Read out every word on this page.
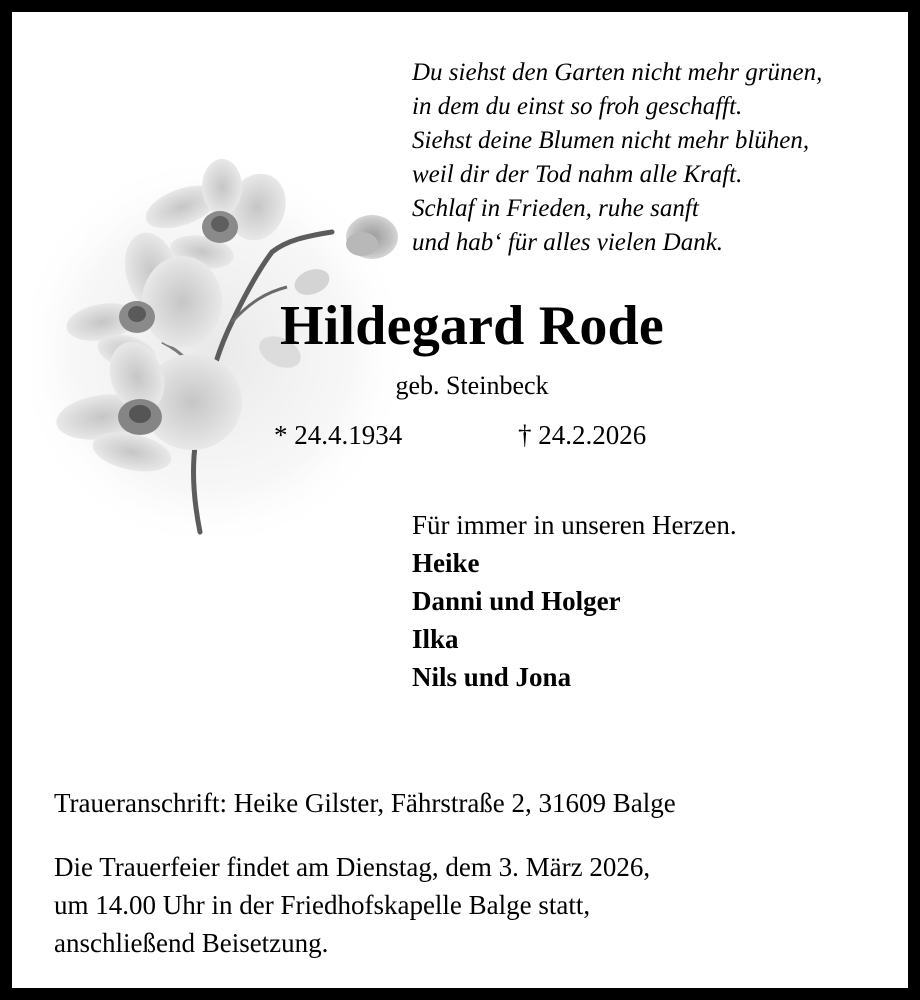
Du siehst den Garten nicht mehr grünen,
in dem du einst so froh geschafft.
Siehst deine Blumen nicht mehr blühen,
weil dir der Tod nahm alle Kraft.
Schlaf in Frieden, ruhe sanft
und hab‘ für alles vielen Dank.
Hildegard Rode
geb. Steinbeck
* 24.4.1934	† 24.2.2026
Für immer in unseren Herzen.
Heike
Danni und Holger
Ilka
Nils und Jona
Traueranschrift: Heike Gilster, Fährstraße 2, 31609 Balge
Die Trauerfeier findet am Dienstag, dem 3. März 2026,
um 14.00 Uhr in der Friedhofskapelle Balge statt,
anschließend Beisetzung.
